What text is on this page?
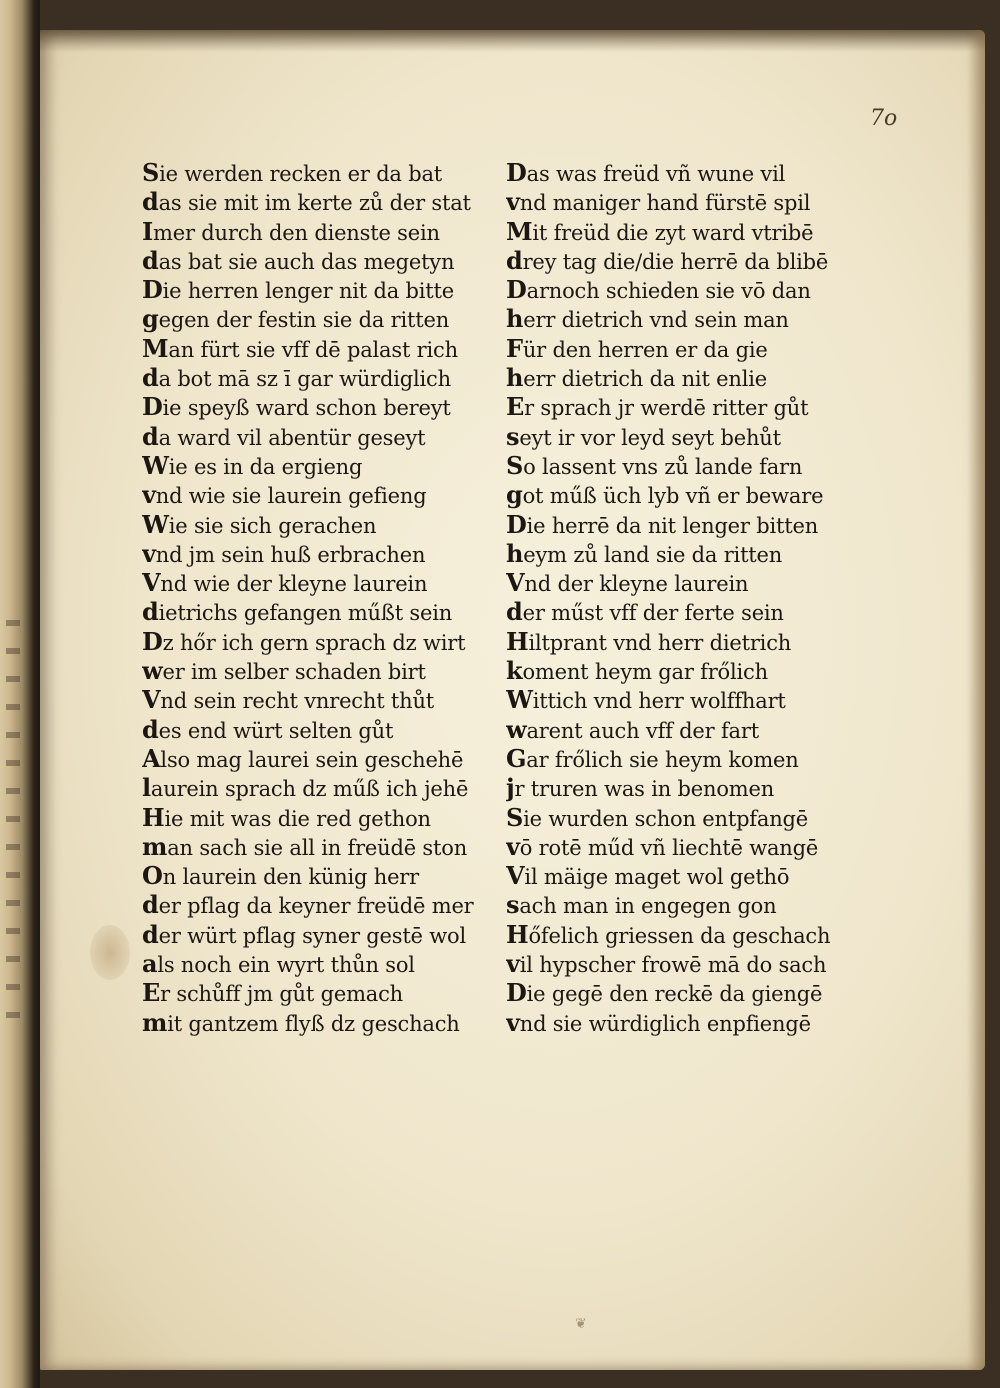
7o
❦
Sie werden recken er da bat
das sie mit im kerte zů der stat
Imer durch den dienste sein
das bat sie auch das megetyn
Die herren lenger nit da bitte
gegen der festin sie da ritten
Man fürt sie vff dē palast rich
da bot mā sz ī gar würdiglich
Die speyß ward schon bereyt
da ward vil abentür geseyt
Wie es in da ergieng
vnd wie sie laurein gefieng
Wie sie sich gerachen
vnd jm sein huß erbrachen
Vnd wie der kleyne laurein
dietrichs gefangen műßt sein
Dz hőr ich gern sprach dz wirt
wer im selber schaden birt
Vnd sein recht vnrecht thůt
des end würt selten gůt
Also mag laurei sein geschehē
laurein sprach dz műß ich jehē
Hie mit was die red gethon
man sach sie all in freüdē ston
On laurein den künig herr
der pflag da keyner freüdē mer
der würt pflag syner gestē wol
als noch ein wyrt thůn sol
Er schůff jm gůt gemach
mit gantzem flyß dz geschach
Das was freüd vñ wune vil
vnd maniger hand fürstē spil
Mit freüd die zyt ward vtribē
drey tag die/die herrē da blibē
Darnoch schieden sie vō dan
herr dietrich vnd sein man
Für den herren er da gie
herr dietrich da nit enlie
Er sprach jr werdē ritter gůt
seyt ir vor leyd seyt behůt
So lassent vns zů lande farn
got műß üch lyb vñ er beware
Die herrē da nit lenger bitten
heym zů land sie da ritten
Vnd der kleyne laurein
der műst vff der ferte sein
Hiltprant vnd herr dietrich
koment heym gar frőlich
Wittich vnd herr wolffhart
warent auch vff der fart
Gar frőlich sie heym komen
jr truren was in benomen
Sie wurden schon entpfangē
vō rotē műd vñ liechtē wangē
Vil mäige maget wol gethō
sach man in engegen gon
Hőfelich griessen da geschach
vil hypscher frowē mā do sach
Die gegē den reckē da giengē
vnd sie würdiglich enpfiengē
